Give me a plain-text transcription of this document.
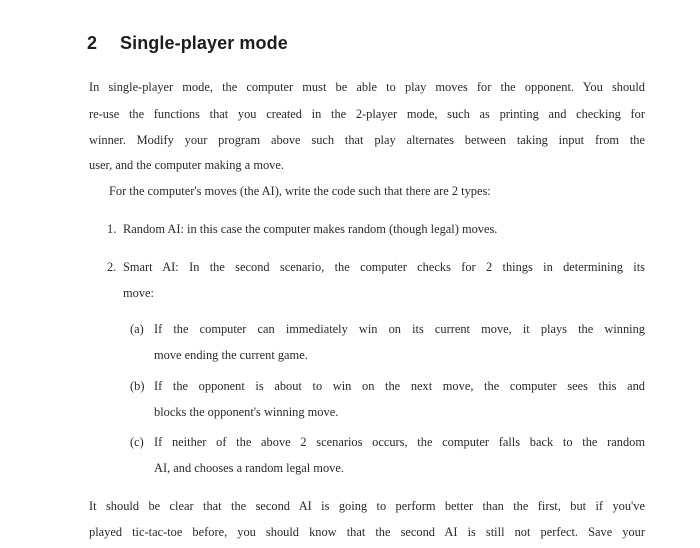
2 Single-player mode
In single-player mode, the computer must be able to play moves for the opponent. You should
re-use the functions that you created in the 2-player mode, such as printing and checking for
winner. Modify your program above such that play alternates between taking input from the
user, and the computer making a move.
For the computer's moves (the AI), write the code such that there are 2 types:
1. Random AI: in this case the computer makes random (though legal) moves.
2. Smart AI: In the second scenario, the computer checks for 2 things in determining its
move:
(a) If the computer can immediately win on its current move, it plays the winning
move ending the current game.
(b) If the opponent is about to win on the next move, the computer sees this and
blocks the opponent's winning move.
(c) If neither of the above 2 scenarios occurs, the computer falls back to the random
AI, and chooses a random legal move.
It should be clear that the second AI is going to perform better than the first, but if you've
played tic-tac-toe before, you should know that the second AI is still not perfect. Save your
